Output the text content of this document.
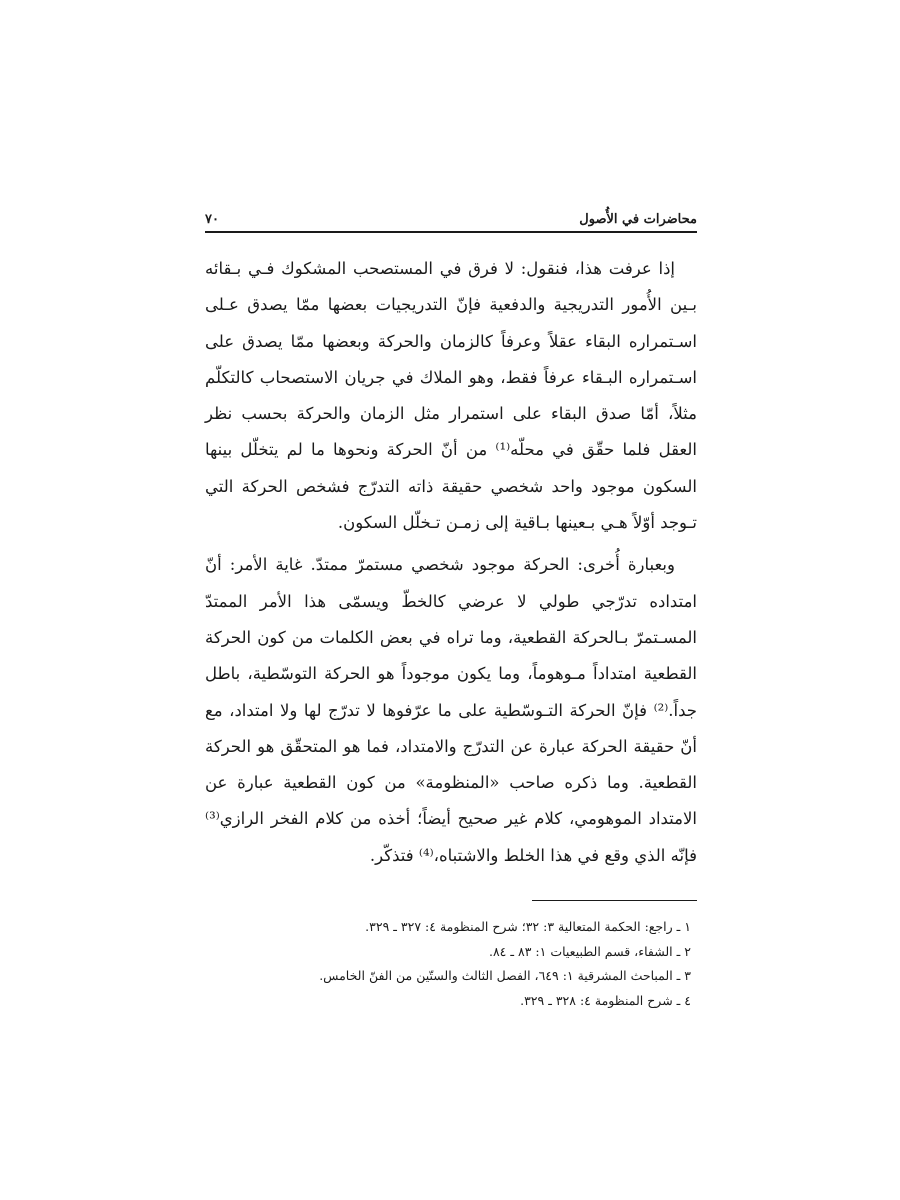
محاضرات في الأُصول
٧٠

إذا عرفت هذا، فنقول: لا فرق في المستصحب المشكوك فـي بـقائه بـين الأُمور التدريجية والدفعية فإنّ التدريجيات بعضها ممّا يصدق عـلى اسـتمراره البقاء عقلاً وعرفاً كالزمان والحركة وبعضها ممّا يصدق على اسـتمراره البـقاء عرفاً فقط، وهو الملاك في جريان الاستصحاب كالتكلّم مثلاً، أمّا صدق البقاء على استمرار مثل الزمان والحركة بحسب نظر العقل فلما حقّق في محلّه⁽¹⁾ من أنّ الحركة ونحوها ما لم يتخلّل بينها السكون موجود واحد شخصي حقيقة ذاته التدرّج فشخص الحركة التي تـوجد أوّلاً هـي بـعينها بـاقية إلى زمـن تـخلّل السكون.

وبعبارة أُخرى: الحركة موجود شخصي مستمرّ ممتدّ. غاية الأمر: أنّ امتداده تدرّجي طولي لا عرضي كالخطّ ويسمّى هذا الأمر الممتدّ المسـتمرّ بـالحركة القطعية، وما تراه في بعض الكلمات من كون الحركة القطعية امتداداً مـوهوماً، وما يكون موجوداً هو الحركة التوسّطية، باطل جداً.⁽²⁾ فإنّ الحركة التـوسّطية على ما عرّفوها لا تدرّج لها ولا امتداد، مع أنّ حقيقة الحركة عبارة عن التدرّج والامتداد، فما هو المتحقّق هو الحركة القطعية. وما ذكره صاحب «المنظومة» من كون القطعية عبارة عن الامتداد الموهومي، كلام غير صحيح أيضاً؛ أخذه من كلام الفخر الرازي⁽³⁾ فإنّه الذي وقع في هذا الخلط والاشتباه،⁽⁴⁾ فتذكّر.

١ ـ راجع: الحكمة المتعالية ٣: ٣٢؛ شرح المنظومة ٤: ٣٢٧ ـ ٣٢٩.
٢ ـ الشفاء، قسم الطبيعيات ١: ٨٣ ـ ٨٤.
٣ ـ المباحث المشرقية ١: ٦٤٩، الفصل الثالث والستّين من الفنّ الخامس.
٤ ـ شرح المنظومة ٤: ٣٢٨ ـ ٣٢٩.
